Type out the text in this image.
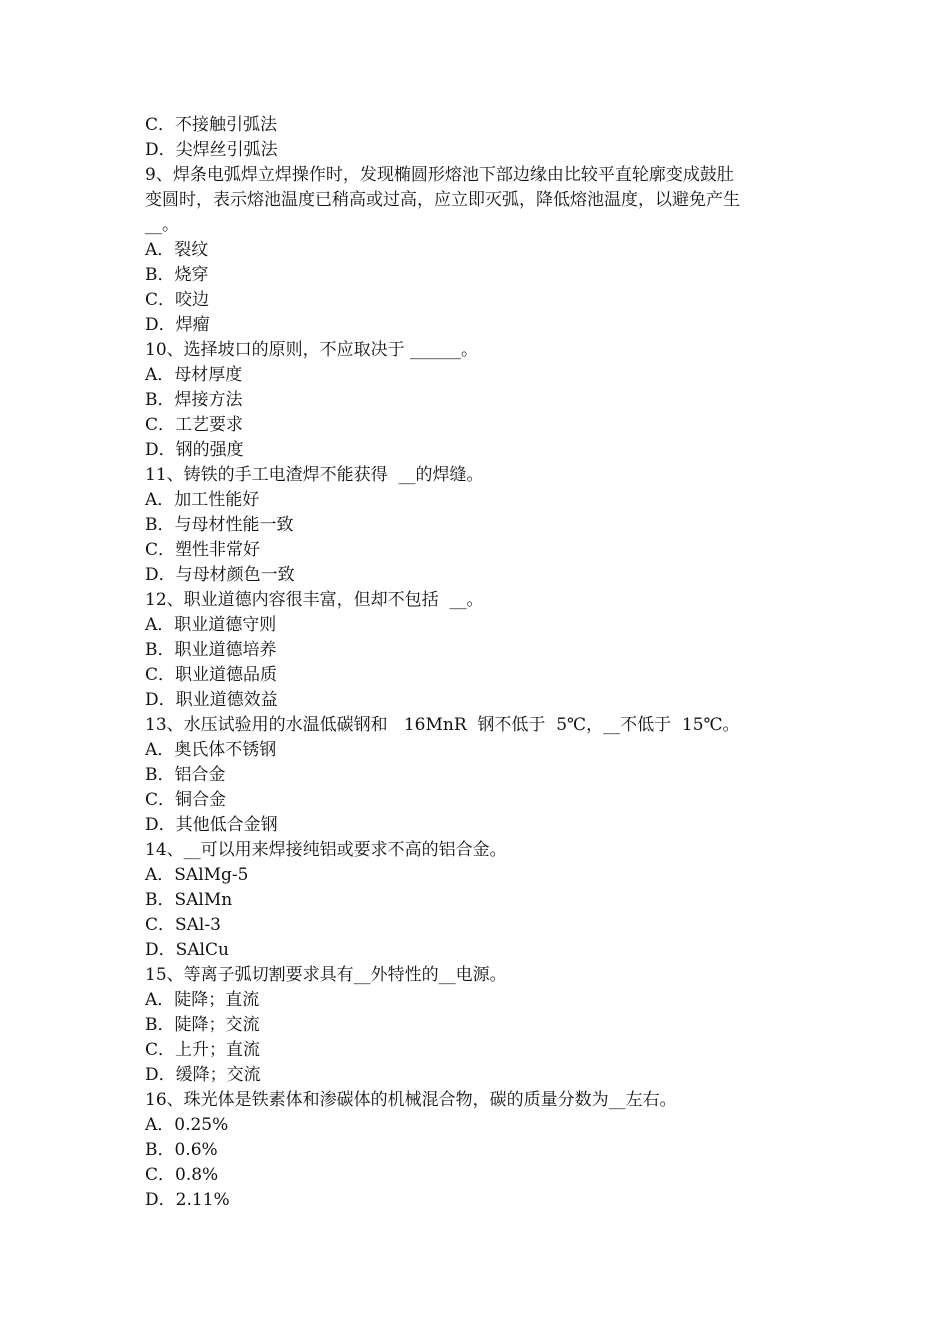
C．不接触引弧法
D．尖焊丝引弧法
9、焊条电弧焊立焊操作时，发现椭圆形熔池下部边缘由比较平直轮廓变成鼓肚
变圆时，表示熔池温度已稍高或过高，应立即灭弧，降低熔池温度，以避免产生
__。
A．裂纹
B．烧穿
C．咬边
D．焊瘤
10、选择坡口的原则，不应取决于 ______。
A．母材厚度
B．焊接方法
C．工艺要求
D．钢的强度
11、铸铁的手工电渣焊不能获得  __的焊缝。
A．加工性能好
B．与母材性能一致
C．塑性非常好
D．与母材颜色一致
12、职业道德内容很丰富，但却不包括  __。
A．职业道德守则
B．职业道德培养
C．职业道德品质
D．职业道德效益
13、水压试验用的水温低碳钢和   16MnR  钢不低于  5℃，__不低于  15℃。
A．奥氏体不锈钢
B．铝合金
C．铜合金
D．其他低合金钢
14、__可以用来焊接纯铝或要求不高的铝合金。
A．SAlMg-5
B．SAlMn
C．SAl-3
D．SAlCu
15、等离子弧切割要求具有__外特性的__电源。
A．陡降；直流
B．陡降；交流
C．上升；直流
D．缓降；交流
16、珠光体是铁素体和渗碳体的机械混合物，碳的质量分数为__左右。
A．0.25%
B．0.6%
C．0.8%
D．2.11%
